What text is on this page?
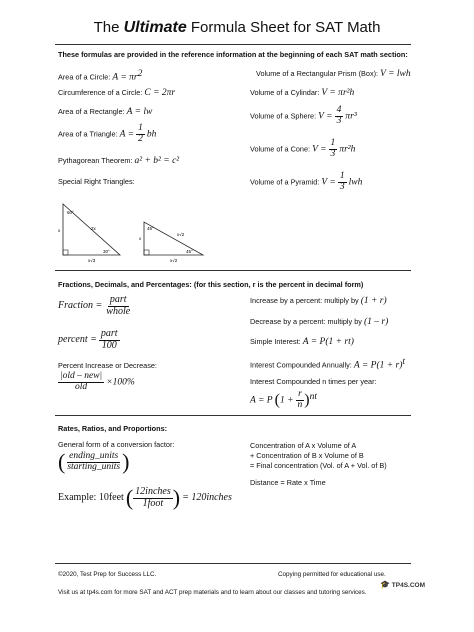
The Ultimate Formula Sheet for SAT Math
These formulas are provided in the reference information at the beginning of each SAT math section:
Area of a Circle: $A = \pi r^2$
Circumference of a Circle: C = 2πr
Area of a Rectangle: A = lw
Area of a Triangle: $A = \frac{1}{2}$ bh
Pythagorean Theorem: a² + b² = c²
Special Right Triangles:
Volume of a Rectangular Prism (Box): V = lwh
Volume of a Cylindar: V = πr²h
Volume of a Sphere: $V = \frac{4}{3} \pi r^3$
Volume of a Cone: $V = \frac{1}{3} \pi r^2h$
Volume of a Pyramid: $V = \frac{1}{3}$ lwh
60°
2x
x
30°
x√3
45°
x√2
x
45°
x√2
Fractions, Decimals, and Percentages: (for this section, r is the percent in decimal form)
Fraction = $\frac{\text{part}}{\text{whole}}$
percent = $\frac{\text{part}}{100}$
Percent Increase or Decrease:
$\frac{\text{|old – new|}}{\text{old}} \times 100\%$
Increase by a percent: multiply by (1 + r)
Decrease by a percent: multiply by (1 – r)
Simple Interest: A = P(1 + rt)
Interest Compounded Annually: $A = P(1 + r)^t$
Interest Compounded n times per year:
A = P $(1 + \frac{r}{n} )^{nt}$
Rates, Ratios, and Proportions:
General form of a conversion factor:
( $\frac{\text{ending\_units}}{\text{starting\_units}}$ )
Example: 10feet ( $\frac{\text{12inches}}{\text{1foot}}$ ) = 120inches
Concentration of A x Volume of A
+ Concentration of B x Volume of B
= Final concentration (Vol. of A + Vol. of B)
Distance = Rate x Time
©2020, Test Prep for Success LLC.	Copying permitted for educational use.
🎓 TP4S.COM
Visit us at tp4s.com for more SAT and ACT prep materials and to learn about our classes and tutoring services.
